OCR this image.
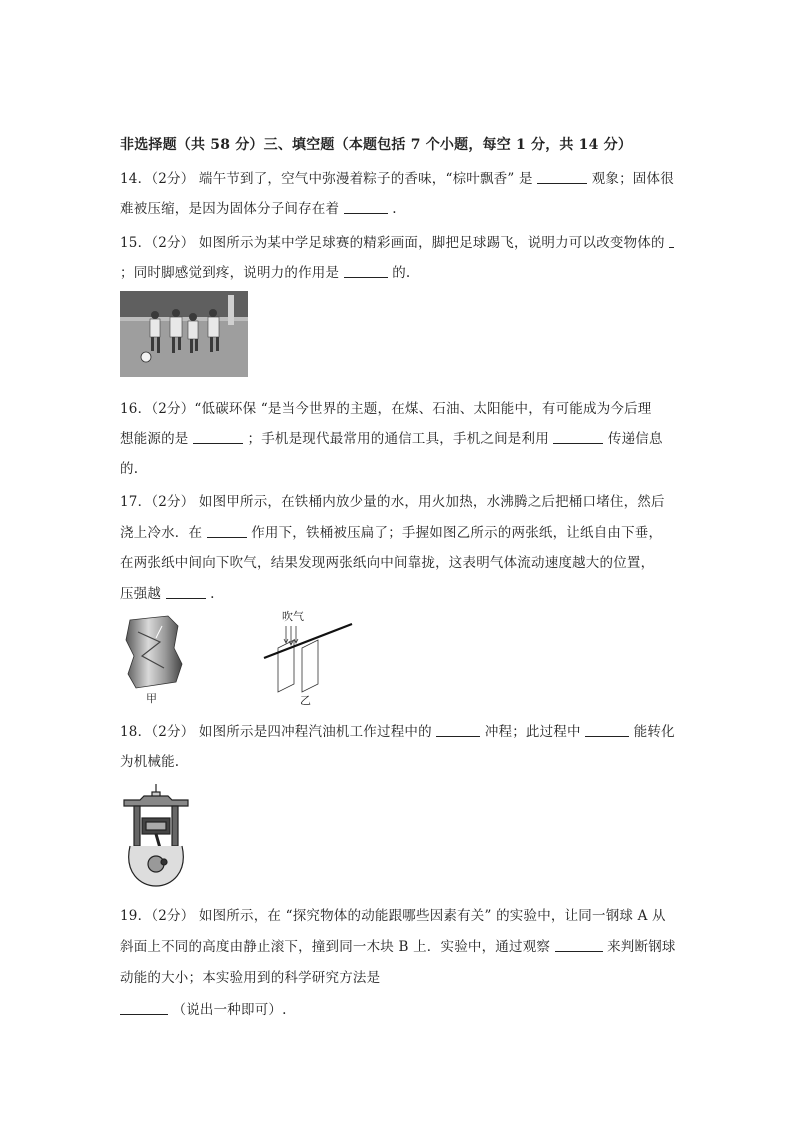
非选择题（共 58 分）三、填空题（本题包括 7 个小题，每空 1 分，共 14 分）
14．（2分） 端午节到了，空气中弥漫着粽子的香味，“棕叶飘香” 是	观象；固体很
难被压缩，是因为固体分子间存在着	.
15．（2分） 如图所示为某中学足球赛的精彩画面，脚把足球踢飞，说明力可以改变物体的
；同时脚感觉到疼，说明力的作用是	的.
16．（2分）“低碳环保 “是当今世界的主题，在煤、石油、太阳能中，有可能成为今后理
想能源的是	；手机是现代最常用的通信工具，手机之间是利用	传递信息
的.
17．（2分） 如图甲所示，在铁桶内放少量的水，用火加热，水沸腾之后把桶口堵住，然后
浇上冷水．在	作用下，铁桶被压扁了；手握如图乙所示的两张纸，让纸自由下垂，
在两张纸中间向下吹气，结果发现两张纸向中间靠拢，这表明气体流动速度越大的位置，
压强越	.
甲
吹气
乙
18．（2分） 如图所示是四冲程汽油机工作过程中的	冲程；此过程中	能转化
为机械能.
19．（2分） 如图所示，在 “探究物体的动能跟哪些因素有关” 的实验中，让同一钢球 A 从
斜面上不同的高度由静止滚下，撞到同一木块 B 上．实验中，通过观察	来判断钢球
动能的大小；本实验用到的科学研究方法是
（说出一种即可）.
